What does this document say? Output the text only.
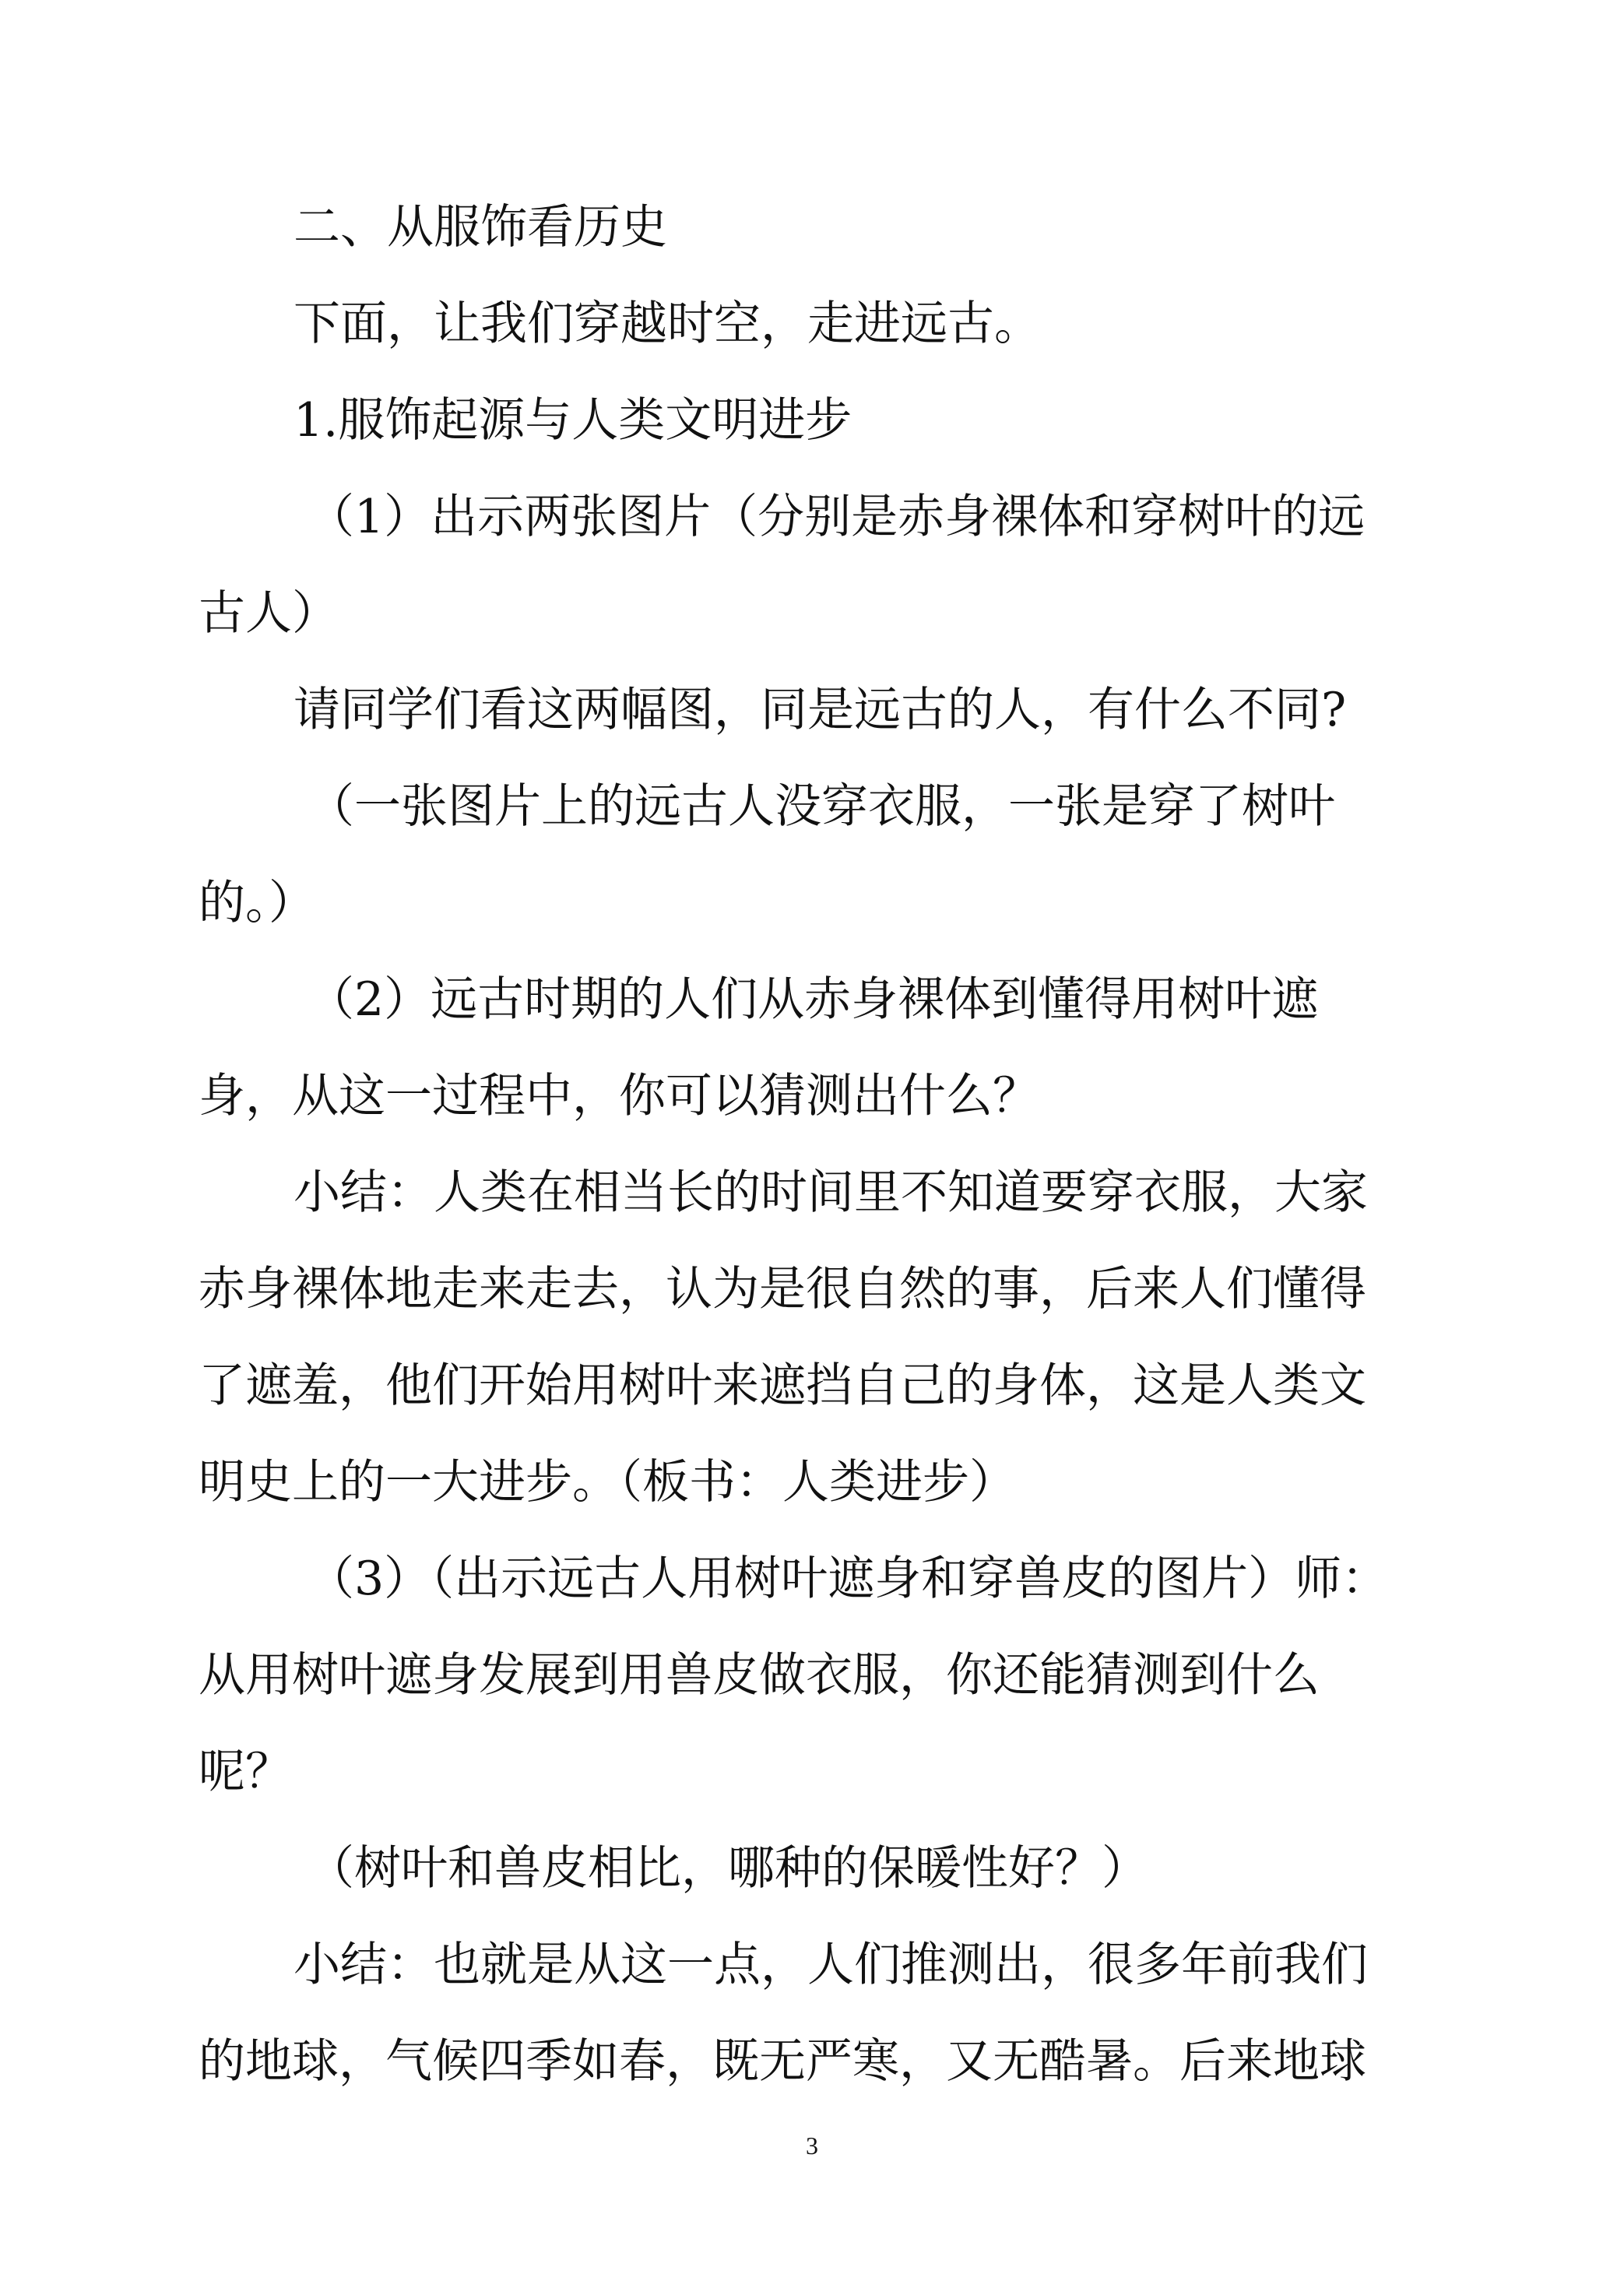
二、从服饰看历史
下面，让我们穿越时空，走进远古。
1.服饰起源与人类文明进步
（1）出示两张图片（分别是赤身裸体和穿树叶的远
古人）
请同学们看这两幅图，同是远古的人，有什么不同?
（一张图片上的远古人没穿衣服，一张是穿了树叶
的。）
（2）远古时期的人们从赤身裸体到懂得用树叶遮
身，从这一过程中，你可以猜测出什么？
小结：人类在相当长的时间里不知道要穿衣服，大家
赤身裸体地走来走去，认为是很自然的事，后来人们懂得
了遮羞，他们开始用树叶来遮挡自己的身体，这是人类文
明史上的一大进步。（板书：人类进步）
（3）（出示远古人用树叶遮身和穿兽皮的图片）师：
从用树叶遮身发展到用兽皮做衣服，你还能猜测到什么
呢？
（树叶和兽皮相比，哪种的保暖性好？）
小结：也就是从这一点，人们推测出，很多年前我们
的地球，气候四季如春，既无严寒，又无酷暑。后来地球
3
